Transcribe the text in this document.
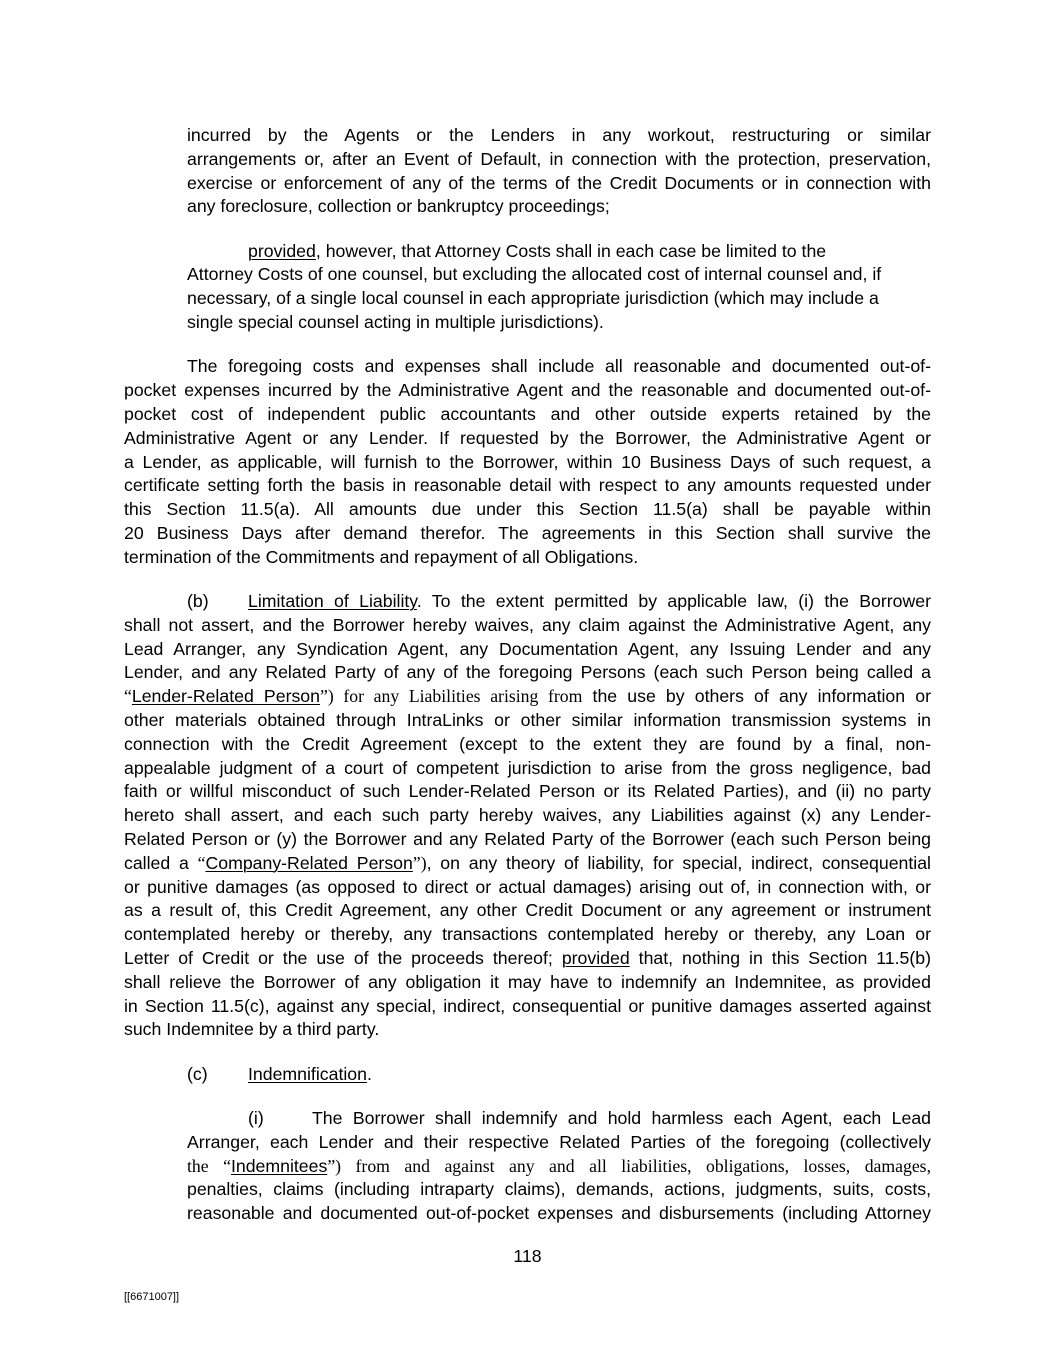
incurred by the Agents or the Lenders in any workout, restructuring or similar
arrangements or, after an Event of Default, in connection with the protection, preservation,
exercise or enforcement of any of the terms of the Credit Documents or in connection with
any foreclosure, collection or bankruptcy proceedings;
provided, however, that Attorney Costs shall in each case be limited to the
Attorney Costs of one counsel, but excluding the allocated cost of internal counsel and, if
necessary, of a single local counsel in each appropriate jurisdiction (which may include a
single special counsel acting in multiple jurisdictions).
The foregoing costs and expenses shall include all reasonable and documented out-of-
pocket expenses incurred by the Administrative Agent and the reasonable and documented out-of-
pocket cost of independent public accountants and other outside experts retained by the
Administrative Agent or any Lender. If requested by the Borrower, the Administrative Agent or
a Lender, as applicable, will furnish to the Borrower, within 10 Business Days of such request, a
certificate setting forth the basis in reasonable detail with respect to any amounts requested under
this Section 11.5(a). All amounts due under this Section 11.5(a) shall be payable within
20 Business Days after demand therefor. The agreements in this Section shall survive the
termination of the Commitments and repayment of all Obligations.
(b) Limitation of Liability. To the extent permitted by applicable law, (i) the Borrower
shall not assert, and the Borrower hereby waives, any claim against the Administrative Agent, any
Lead Arranger, any Syndication Agent, any Documentation Agent, any Issuing Lender and any
Lender, and any Related Party of any of the foregoing Persons (each such Person being called a
“Lender-Related Person”) for any Liabilities arising from the use by others of any information or
other materials obtained through IntraLinks or other similar information transmission systems in
connection with the Credit Agreement (except to the extent they are found by a final, non-
appealable judgment of a court of competent jurisdiction to arise from the gross negligence, bad
faith or willful misconduct of such Lender-Related Person or its Related Parties), and (ii) no party
hereto shall assert, and each such party hereby waives, any Liabilities against (x) any Lender-
Related Person or (y) the Borrower and any Related Party of the Borrower (each such Person being
called a “Company-Related Person”), on any theory of liability, for special, indirect, consequential
or punitive damages (as opposed to direct or actual damages) arising out of, in connection with, or
as a result of, this Credit Agreement, any other Credit Document or any agreement or instrument
contemplated hereby or thereby, any transactions contemplated hereby or thereby, any Loan or
Letter of Credit or the use of the proceeds thereof; provided that, nothing in this Section 11.5(b)
shall relieve the Borrower of any obligation it may have to indemnify an Indemnitee, as provided
in Section 11.5(c), against any special, indirect, consequential or punitive damages asserted against
such Indemnitee by a third party.
(c) Indemnification.
(i)	The Borrower shall indemnify and hold harmless each Agent, each Lead
Arranger, each Lender and their respective Related Parties of the foregoing (collectively
the “Indemnitees”) from and against any and all liabilities, obligations, losses, damages,
penalties, claims (including intraparty claims), demands, actions, judgments, suits, costs,
reasonable and documented out-of-pocket expenses and disbursements (including Attorney
118
[[6671007]]
